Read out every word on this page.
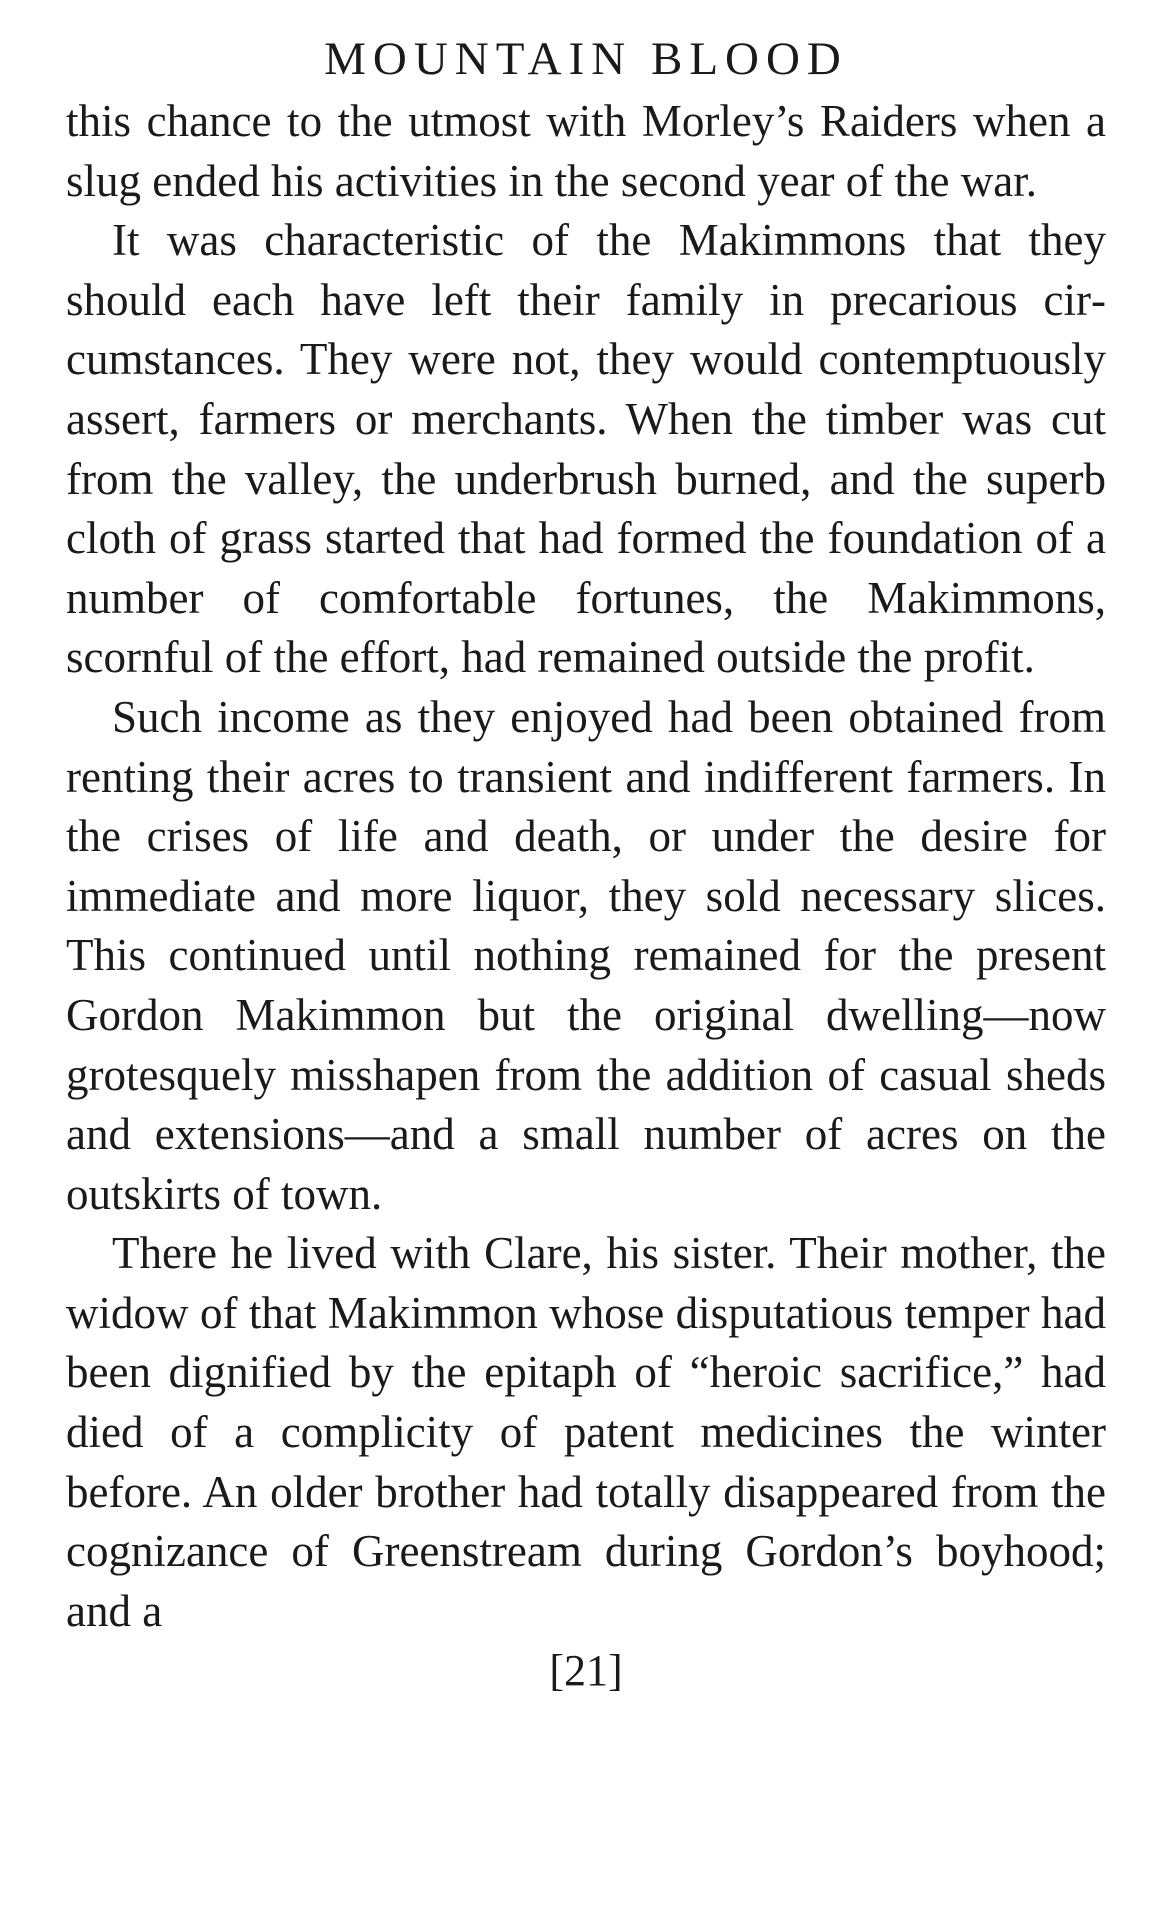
MOUNTAIN BLOOD

this chance to the utmost with Morley’s Raiders when a slug ended his activities in the second year of the war.

It was characteristic of the Makimmons that they should each have left their family in precarious circumstances. They were not, they would contemptuously assert, farmers or merchants. When the timber was cut from the valley, the underbrush burned, and the superb cloth of grass started that had formed the foundation of a number of comfortable fortunes, the Makimmons, scornful of the effort, had remained outside the profit.

Such income as they enjoyed had been obtained from renting their acres to transient and indifferent farmers. In the crises of life and death, or under the desire for immediate and more liquor, they sold necessary slices. This continued until nothing remained for the present Gordon Makimmon but the original dwelling—now grotesquely misshapen from the addition of casual sheds and extensions—and a small number of acres on the outskirts of town.

There he lived with Clare, his sister. Their mother, the widow of that Makimmon whose disputatious temper had been dignified by the epitaph of “heroic sacrifice,” had died of a complicity of patent medicines the winter before. An older brother had totally disappeared from the cognizance of Greenstream during Gordon’s boyhood; and a

[21]
